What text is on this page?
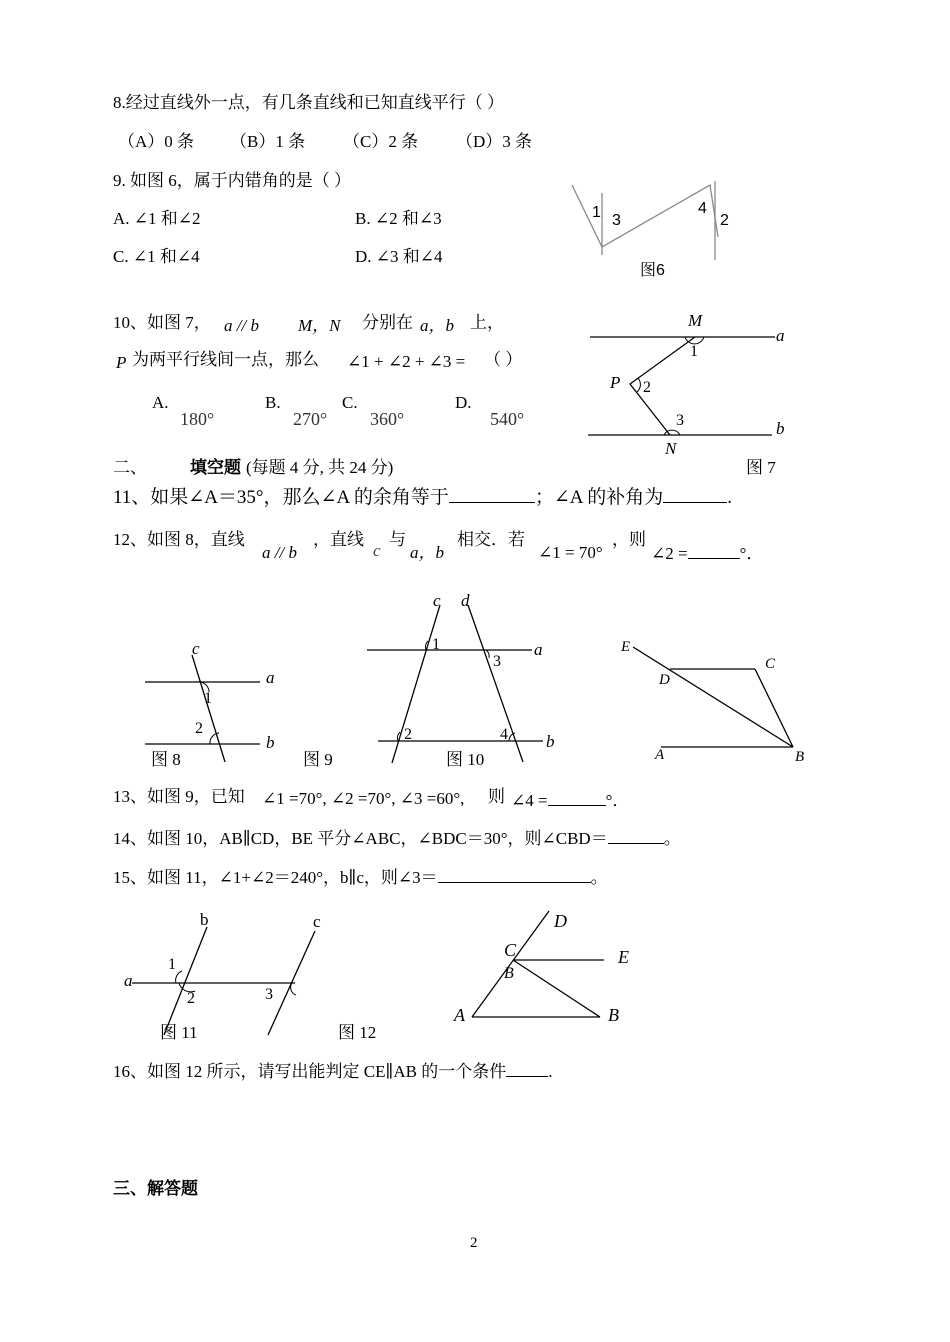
8.经过直线外一点，有几条直线和已知直线平行（ ）
（A）0 条 （B）1 条 （C）2 条 （D）3 条
9. 如图 6，属于内错角的是（ ）
A. ∠1 和∠2	B. ∠2 和∠3
C. ∠1 和∠4	D. ∠3 和∠4
1 3
4
2
图6
10、如图 7， a // b M，N 分别在 a，b 上，
P 为两平行线间一点，那么 ∠1 + ∠2 + ∠3 = （ ）
A.
180°
B.
270°
C.
360°
D.
540°
M
1
P 2
3
N
a
b
图 7
二、	填空题 (每题 4 分, 共 24 分)
11、如果∠A＝35°，那么∠A 的余角等于	；∠A 的补角为	.
12、如图 8，直线
a // b
，直线
c
与
a，b
相交．若
∠1 = 70°
，则
∠2 =	°．
c
a
b
1
2
图 8
c d
a
b
1
3
2	4
图 9	图 10
E
C
D
A	B
13、如图 9，已知 ∠1 =70°, ∠2 =70°, ∠3 =60°, 则 ∠4 =	°．
14、如图 10，AB∥CD，BE 平分∠ABC，∠BDC＝30°，则∠CBD＝	。
15、如图 11，∠1+∠2＝240°，b∥c，则∠3＝	。
b	c
a
1
2	3
图 11	图 12
D
C	E
B
A	B
16、如图 12 所示，请写出能判定 CE∥AB 的一个条件 .
三、解答题
2
